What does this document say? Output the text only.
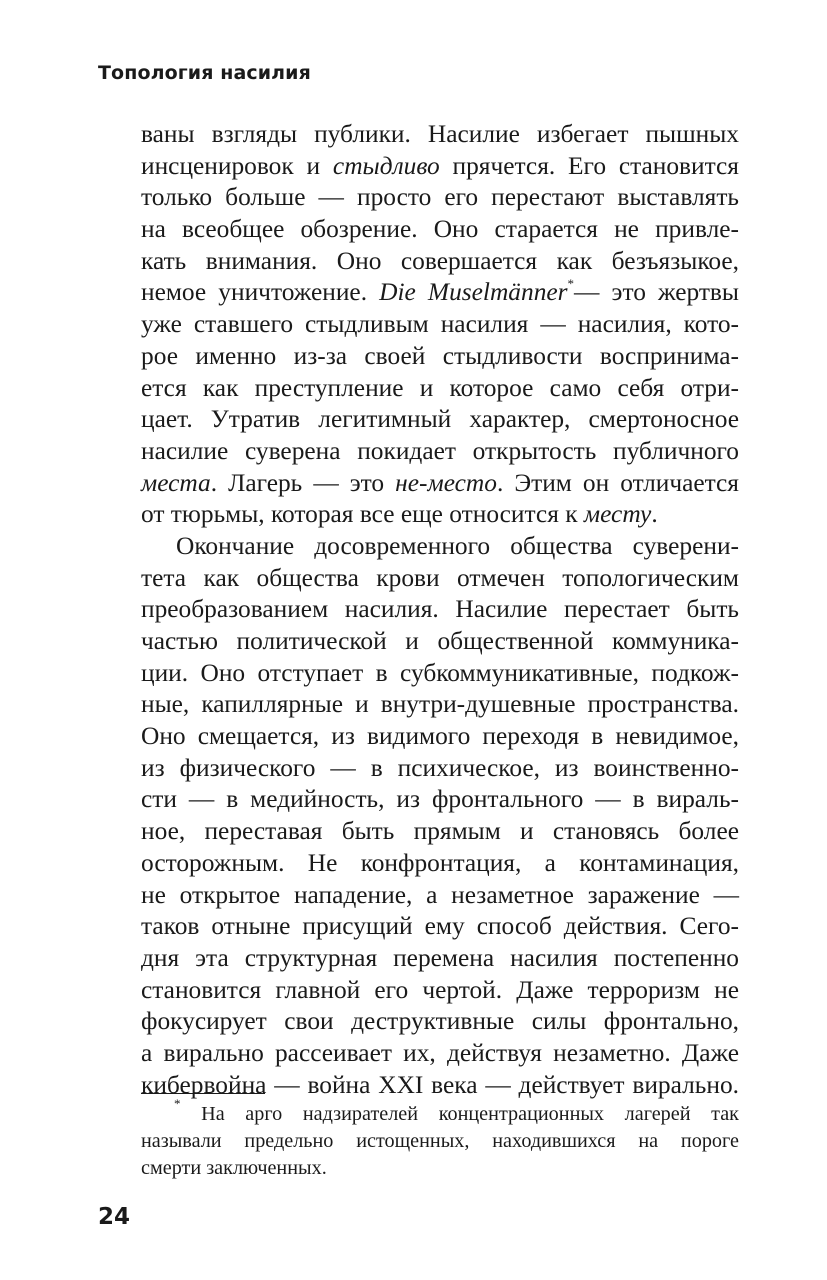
Топология насилия
ваны взгляды публики. Насилие избегает пышных
инсценировок и стыдливо прячется. Его становится
только больше — просто его перестают выставлять
на всеобщее обозрение. Оно старается не привле-
кать внимания. Оно совершается как безъязыкое,
немое уничтожение. Die Muselmänner*— это жертвы
уже ставшего стыдливым насилия — насилия, кото-
рое именно из-за своей стыдливости воспринима-
ется как преступление и которое само себя отри-
цает. Утратив легитимный характер, смертоносное
насилие суверена покидает открытость публичного
места. Лагерь — это не-место. Этим он отличается
от тюрьмы, которая все еще относится к месту.
Окончание досовременного общества суверени-
тета как общества крови отмечен топологическим
преобразованием насилия. Насилие перестает быть
частью политической и общественной коммуника-
ции. Оно отступает в субкоммуникативные, подкож-
ные, капиллярные и внутри-душевные пространства.
Оно смещается, из видимого переходя в невидимое,
из физического — в психическое, из воинственно-
сти — в медийность, из фронтального — в вираль-
ное, переставая быть прямым и становясь более
осторожным. Не конфронтация, а контаминация,
не открытое нападение, а незаметное заражение —
таков отныне присущий ему способ действия. Сего-
дня эта структурная перемена насилия постепенно
становится главной его чертой. Даже терроризм не
фокусирует свои деструктивные силы фронтально,
а вирально рассеивает их, действуя незаметно. Даже
кибервойна — война XXI века — действует вирально.
* На арго надзирателей концентрационных лагерей так
называли предельно истощенных, находившихся на пороге
смерти заключенных.
24
